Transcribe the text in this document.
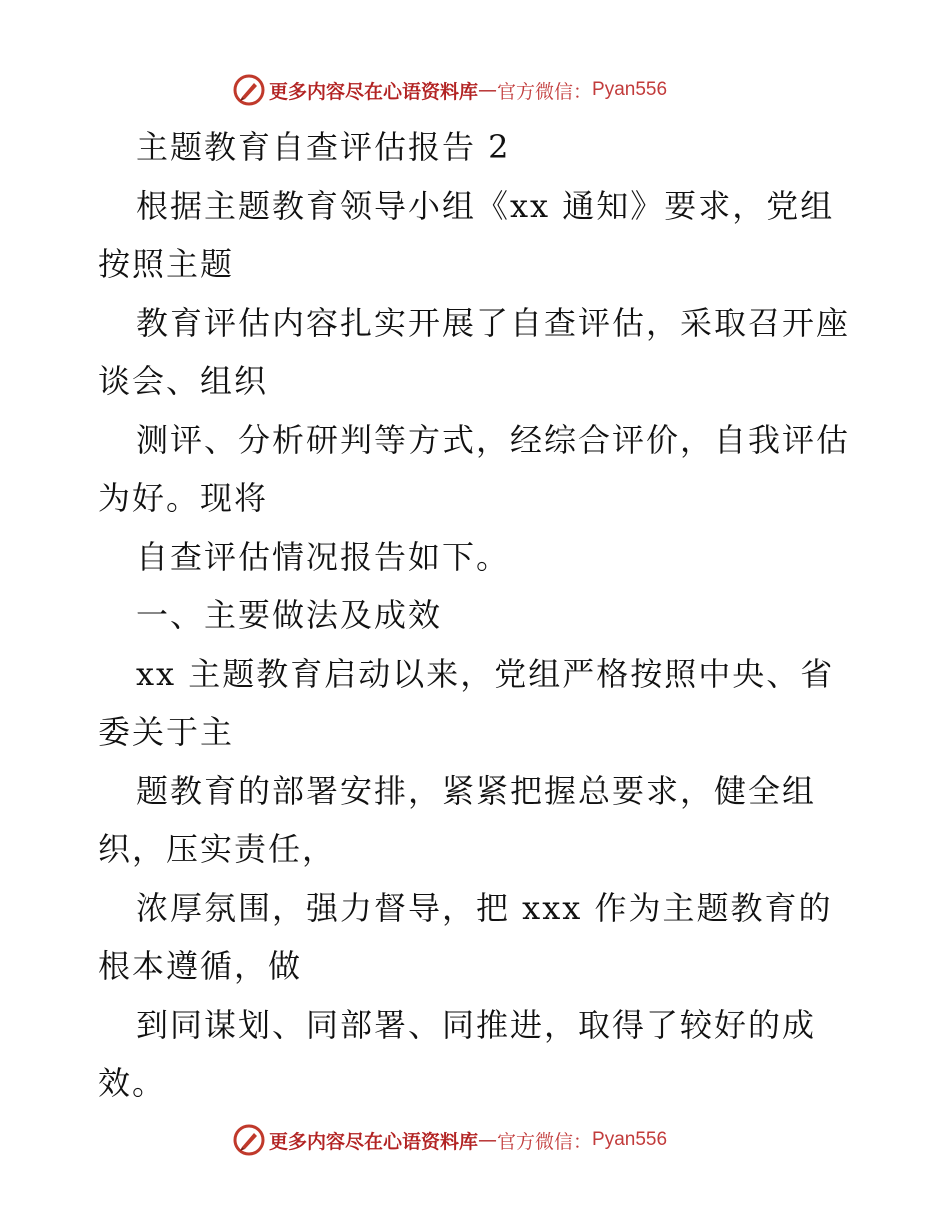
更多内容尽在心语资料库 — 官方微信： Pyan556
主题教育自查评估报告 2
根据主题教育领导小组《xx 通知》要求，党组
按照主题
教育评估内容扎实开展了自查评估，采取召开座
谈会、组织
测评、分析研判等方式，经综合评价，自我评估
为好。现将
自查评估情况报告如下。
一、主要做法及成效
xx 主题教育启动以来，党组严格按照中央、省
委关于主
题教育的部署安排，紧紧把握总要求，健全组
织，压实责任，
浓厚氛围，强力督导，把 xxx 作为主题教育的
根本遵循，做
到同谋划、同部署、同推进，取得了较好的成
效。
更多内容尽在心语资料库 — 官方微信： Pyan556
